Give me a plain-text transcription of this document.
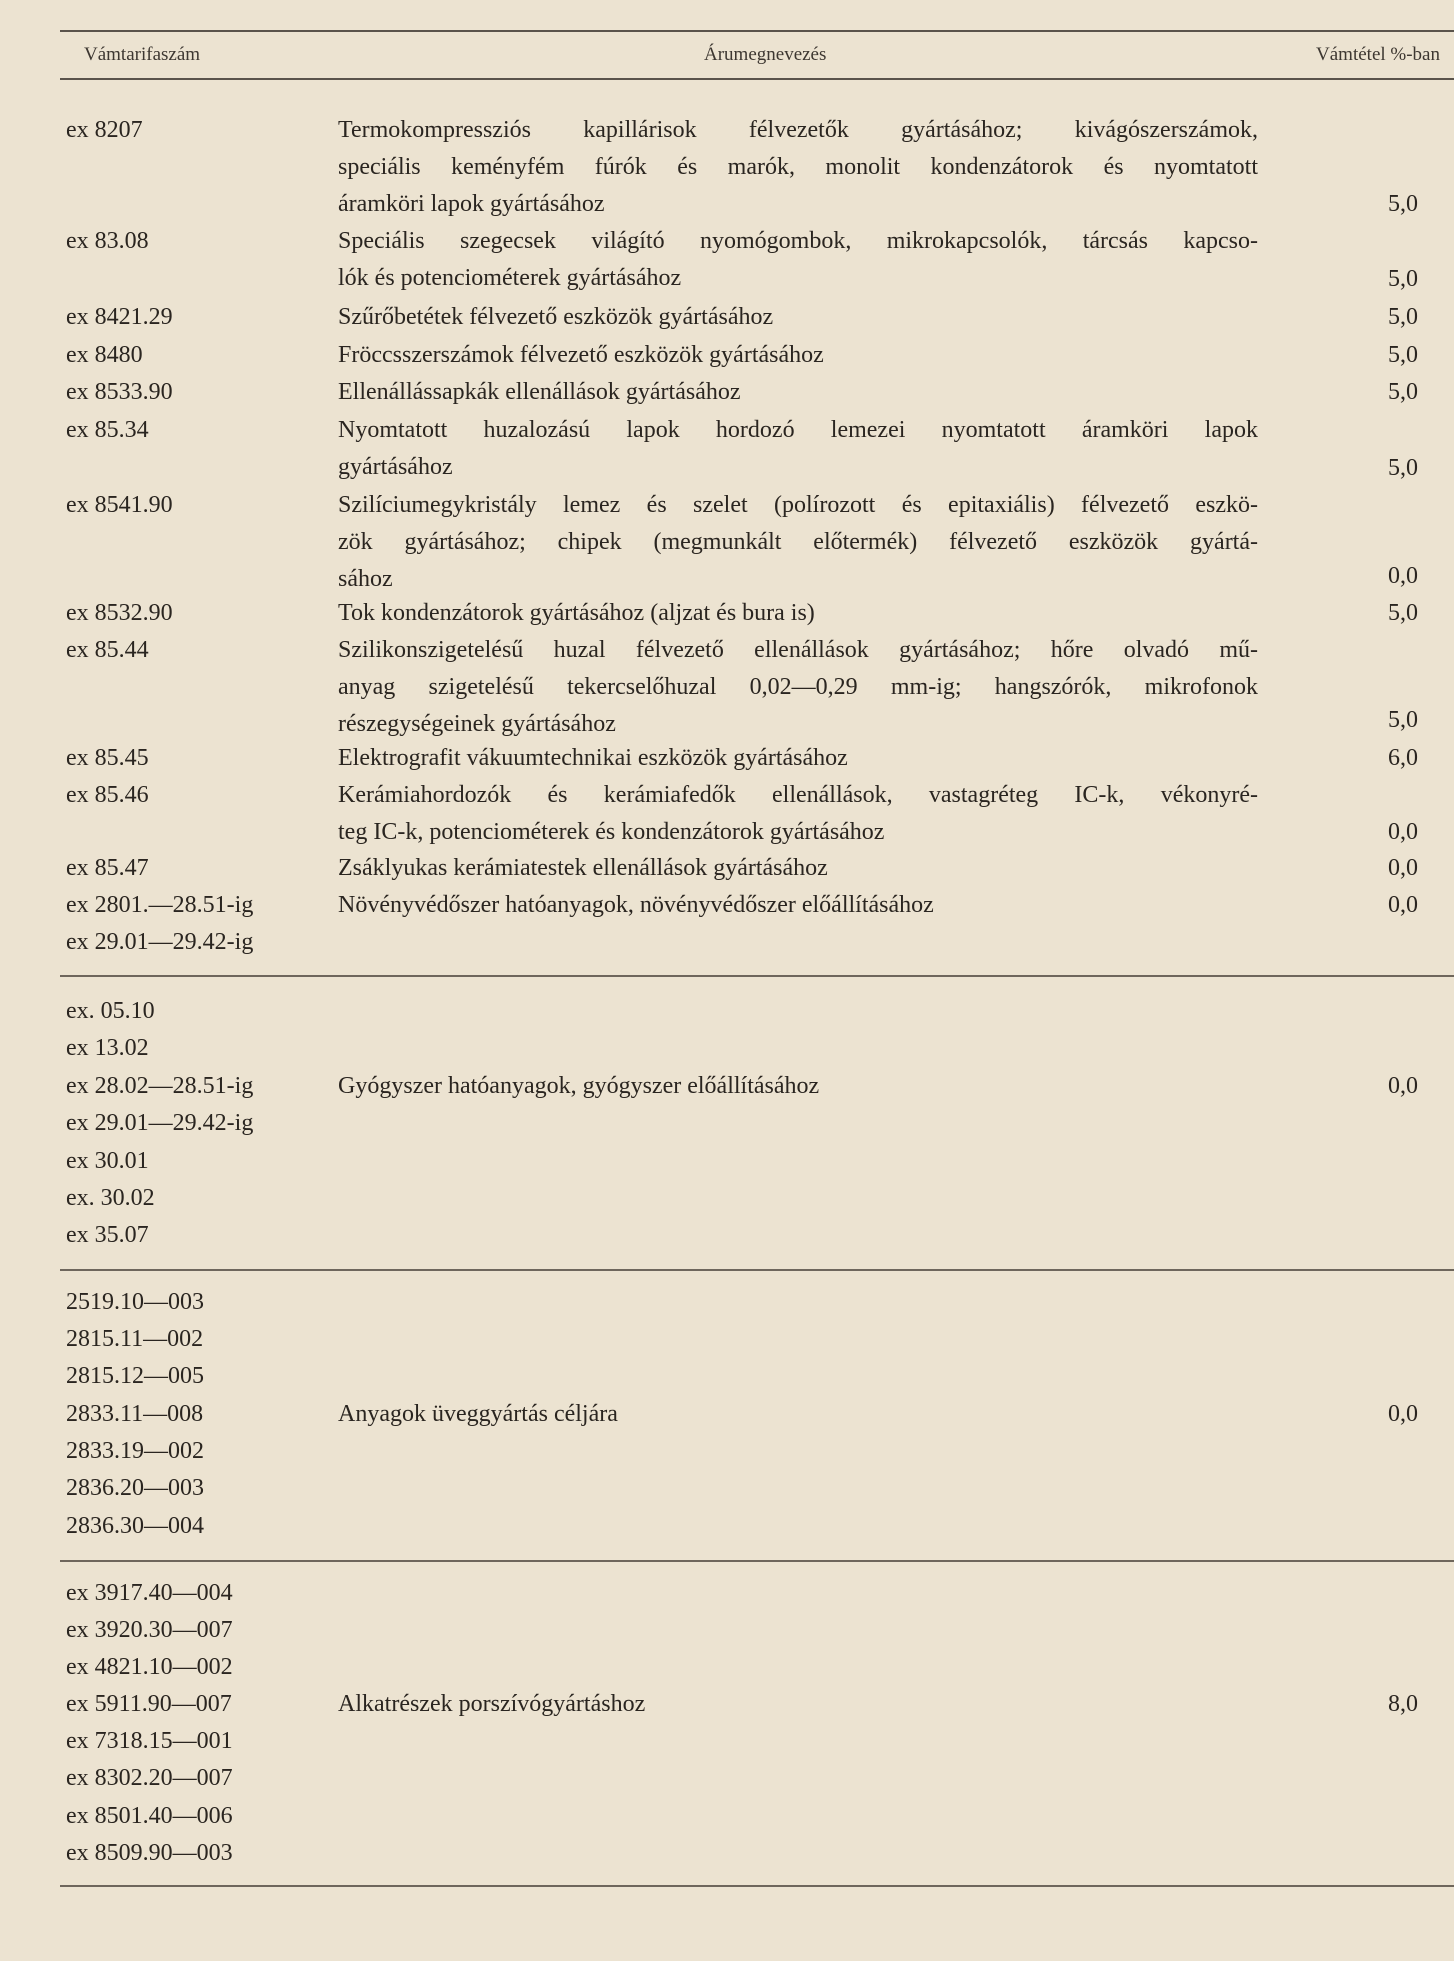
Vámtarifaszám	Árumegnevezés	Vámtétel %-ban
ex 8207	Termokompressziós kapillárisok félvezetők gyártásához; kivágószerszámok,
speciális keményfém fúrók és marók, monolit kondenzátorok és nyomtatott
áramköri lapok gyártásához	5,0
ex 83.08	Speciális szegecsek világító nyomógombok, mikrokapcsolók, tárcsás kapcso-
lók és potenciométerek gyártásához	5,0
ex 8421.29	Szűrőbetétek félvezető eszközök gyártásához	5,0
ex 8480	Fröccsszerszámok félvezető eszközök gyártásához	5,0
ex 8533.90	Ellenállássapkák ellenállások gyártásához	5,0
ex 85.34	Nyomtatott huzalozású lapok hordozó lemezei nyomtatott áramköri lapok
gyártásához	5,0
ex 8541.90	Szilíciumegykristály lemez és szelet (polírozott és epitaxiális) félvezető eszkö-
zök gyártásához; chipek (megmunkált előtermék) félvezető eszközök gyártá-
sához	0,0
ex 8532.90	Tok kondenzátorok gyártásához (aljzat és bura is)	5,0
ex 85.44	Szilikonszigetelésű huzal félvezető ellenállások gyártásához; hőre olvadó mű-
anyag szigetelésű tekercselőhuzal 0,02—0,29 mm-ig; hangszórók, mikrofonok
részegységeinek gyártásához	5,0
ex 85.45	Elektrografit vákuumtechnikai eszközök gyártásához	6,0
ex 85.46	Kerámiahordozók és kerámiafedők ellenállások, vastagréteg IC-k, vékonyré-
teg IC-k, potenciométerek és kondenzátorok gyártásához	0,0
ex 85.47	Zsáklyukas kerámiatestek ellenállások gyártásához	0,0
ex 2801.—28.51-ig
ex 29.01—29.42-ig
Növényvédőszer hatóanyagok, növényvédőszer előállításához	0,0
ex. 05.10
ex 13.02
ex 28.02—28.51-ig
ex 29.01—29.42-ig
ex 30.01
ex. 30.02
ex 35.07
Gyógyszer hatóanyagok, gyógyszer előállításához	0,0
2519.10—003
2815.11—002
2815.12—005
2833.11—008
2833.19—002
2836.20—003
2836.30—004
Anyagok üveggyártás céljára	0,0
ex 3917.40—004
ex 3920.30—007
ex 4821.10—002
ex 5911.90—007
ex 7318.15—001
ex 8302.20—007
ex 8501.40—006
ex 8509.90—003
Alkatrészek porszívógyártáshoz	8,0
